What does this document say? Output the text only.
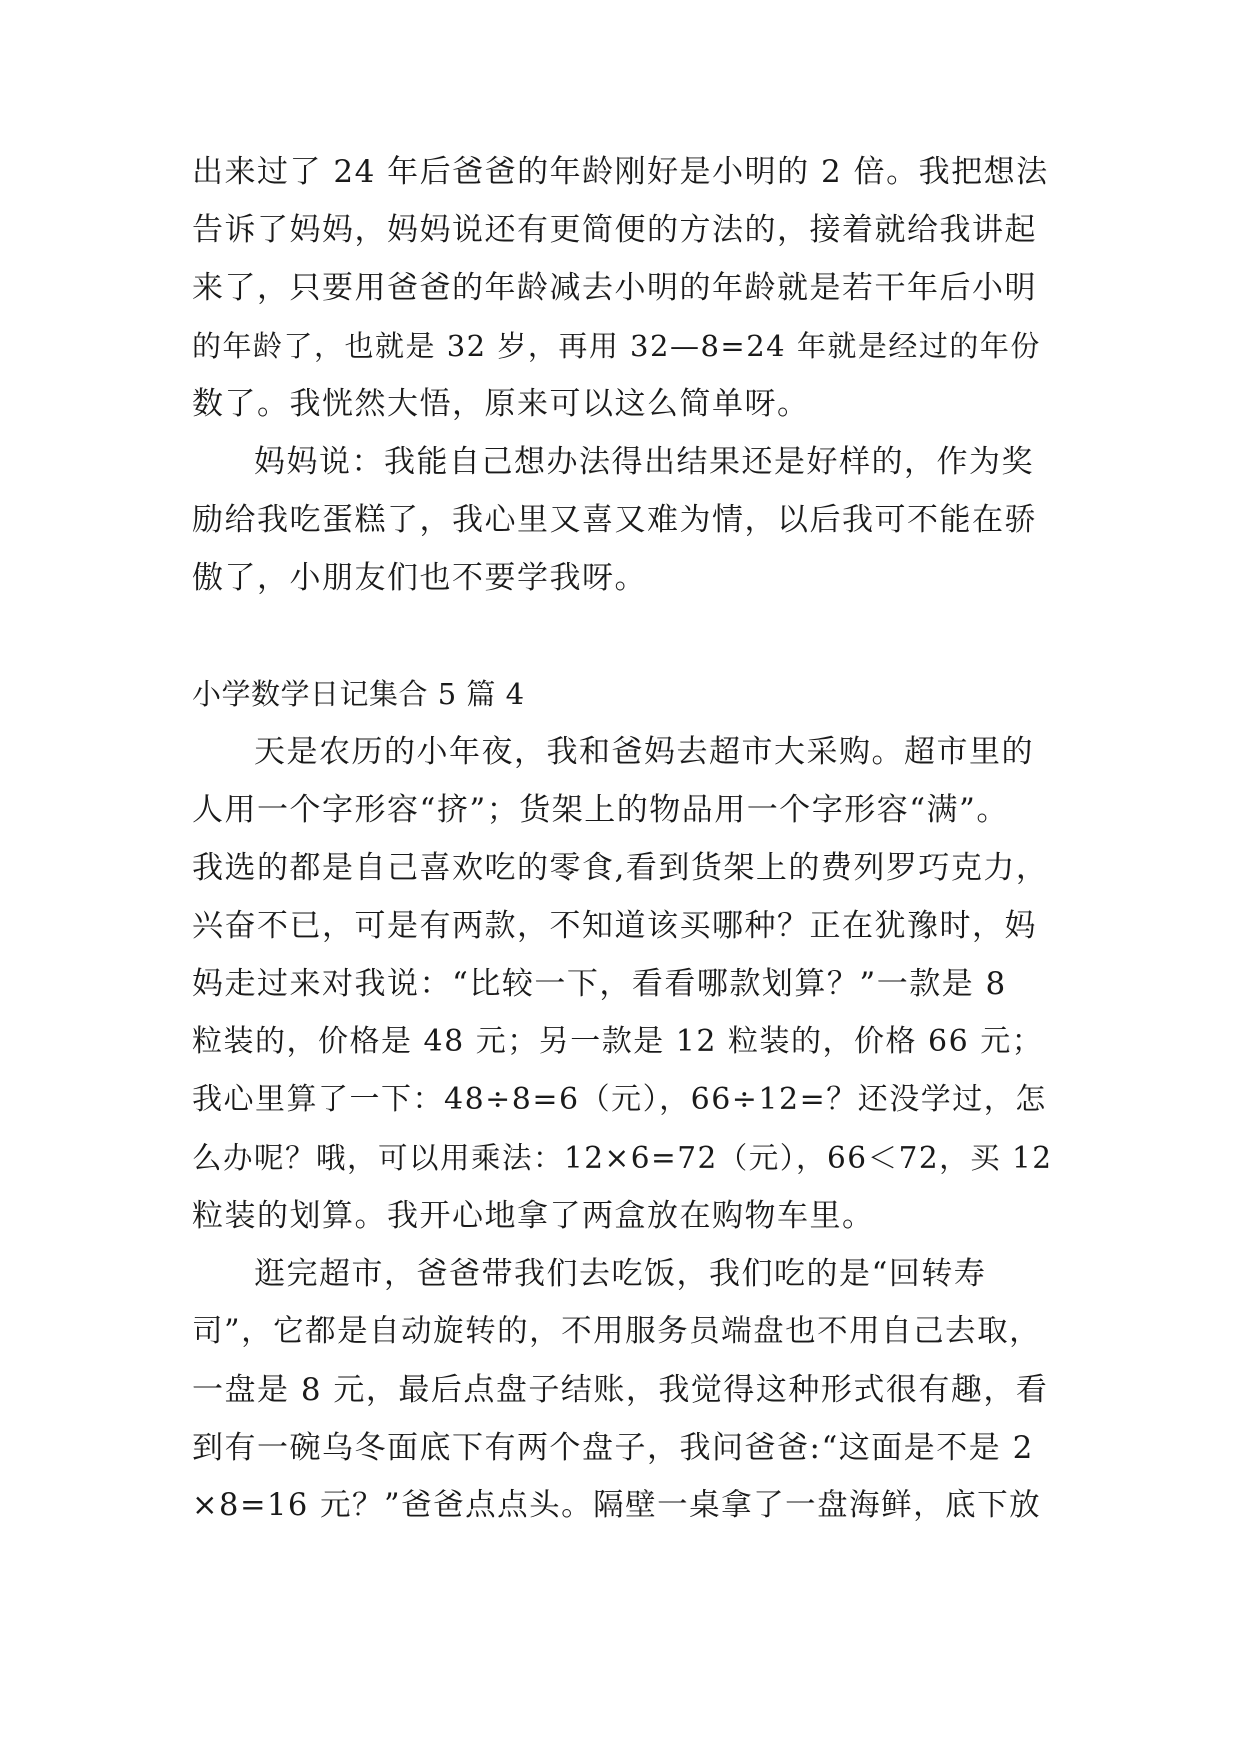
出来过了 24 年后爸爸的年龄刚好是小明的 2 倍。我把想法
告诉了妈妈，妈妈说还有更简便的方法的，接着就给我讲起
来了，只要用爸爸的年龄减去小明的年龄就是若干年后小明
的年龄了，也就是 32 岁，再用 32—8=24 年就是经过的年份
数了。我恍然大悟，原来可以这么简单呀。
妈妈说：我能自己想办法得出结果还是好样的，作为奖
励给我吃蛋糕了，我心里又喜又难为情，以后我可不能在骄
傲了，小朋友们也不要学我呀。
小学数学日记集合 5 篇 4
天是农历的小年夜，我和爸妈去超市大采购。超市里的
人用一个字形容“挤”；货架上的物品用一个字形容“满”。
我选的都是自己喜欢吃的零食,看到货架上的费列罗巧克力，
兴奋不已，可是有两款，不知道该买哪种？正在犹豫时，妈
妈走过来对我说：“比较一下，看看哪款划算？”一款是 8
粒装的，价格是 48 元；另一款是 12 粒装的，价格 66 元；
我心里算了一下：48÷8=6（元），66÷12=？还没学过，怎
么办呢？哦，可以用乘法：12×6=72（元），66＜72，买 12
粒装的划算。我开心地拿了两盒放在购物车里。
逛完超市，爸爸带我们去吃饭，我们吃的是“回转寿
司”，它都是自动旋转的，不用服务员端盘也不用自己去取，
一盘是 8 元，最后点盘子结账，我觉得这种形式很有趣，看
到有一碗乌冬面底下有两个盘子，我问爸爸:“这面是不是 2
×8=16 元？”爸爸点点头。隔壁一桌拿了一盘海鲜，底下放
